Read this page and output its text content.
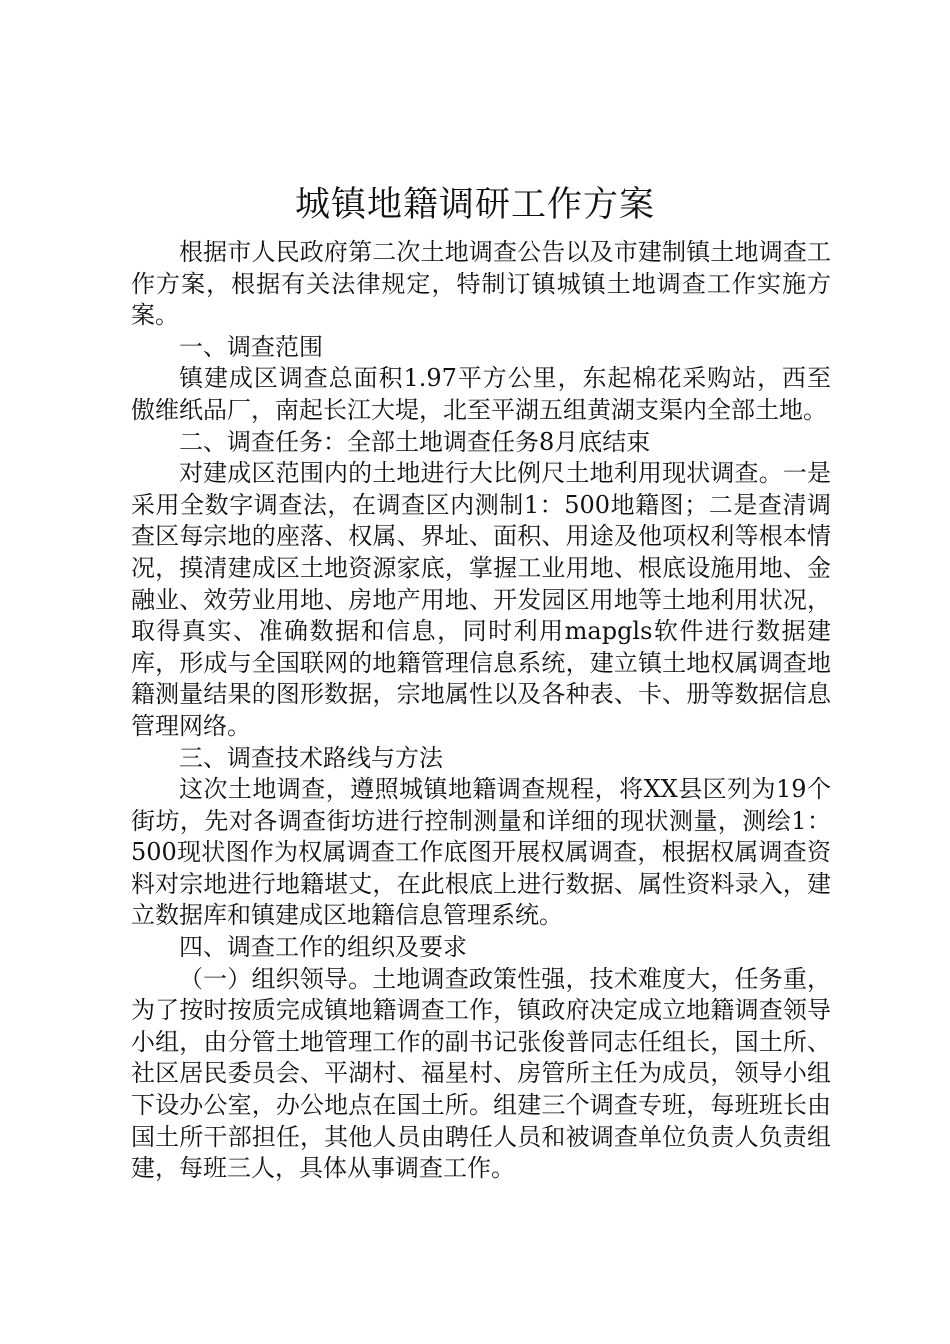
城镇地籍调研工作方案

根据市人民政府第二次土地调查公告以及市建制镇土地调查工作方案，根据有关法律规定，特制订镇城镇土地调查工作实施方案。

一、调查范围

镇建成区调查总面积1.97平方公里，东起棉花采购站，西至傲维纸品厂，南起长江大堤，北至平湖五组黄湖支渠内全部土地。

二、调查任务：全部土地调查任务8月底结束

对建成区范围内的土地进行大比例尺土地利用现状调查。一是采用全数字调查法，在调查区内测制1：500地籍图；二是查清调查区每宗地的座落、权属、界址、面积、用途及他项权利等根本情况，摸清建成区土地资源家底，掌握工业用地、根底设施用地、金融业、效劳业用地、房地产用地、开发园区用地等土地利用状况，取得真实、准确数据和信息，同时利用mapgls软件进行数据建库，形成与全国联网的地籍管理信息系统，建立镇土地权属调查地籍测量结果的图形数据，宗地属性以及各种表、卡、册等数据信息管理网络。

三、调查技术路线与方法

这次土地调查，遵照城镇地籍调查规程，将XX县区列为19个街坊，先对各调查街坊进行控制测量和详细的现状测量，测绘1：500现状图作为权属调查工作底图开展权属调查，根据权属调查资料对宗地进行地籍堪丈，在此根底上进行数据、属性资料录入，建立数据库和镇建成区地籍信息管理系统。

四、调查工作的组织及要求

（一）组织领导。土地调查政策性强，技术难度大，任务重，为了按时按质完成镇地籍调查工作，镇政府决定成立地籍调查领导小组，由分管土地管理工作的副书记张俊普同志任组长，国土所、社区居民委员会、平湖村、福星村、房管所主任为成员，领导小组下设办公室，办公地点在国土所。组建三个调查专班，每班班长由国土所干部担任，其他人员由聘任人员和被调查单位负责人负责组建，每班三人，具体从事调查工作。
